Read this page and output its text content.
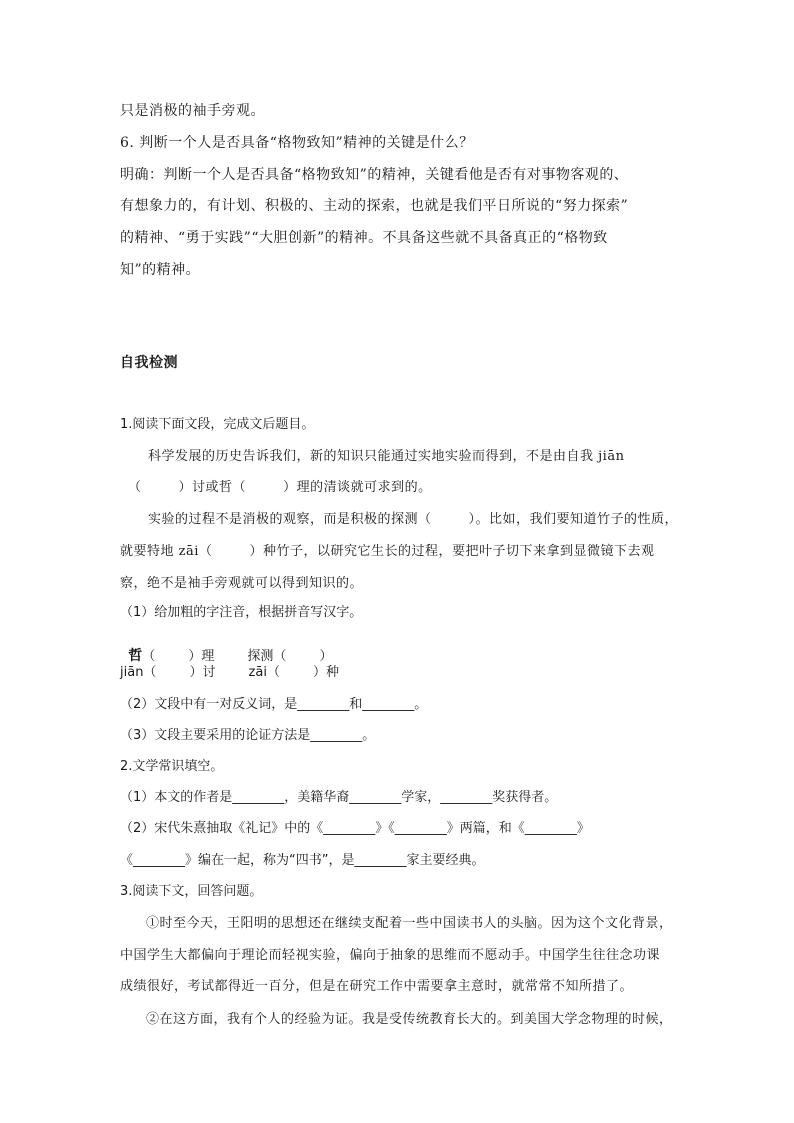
只是消极的袖手旁观。
6. 判断一个人是否具备“格物致知”精神的关键是什么？
明确：判断一个人是否具备“格物致知”的精神，关键看他是否有对事物客观的、
有想象力的，有计划、积极的、主动的探索，也就是我们平日所说的“努力探索”
的精神、“勇于实践”“大胆创新”的精神。不具备这些就不具备真正的“格物致
知”的精神。
自我检测
1.阅读下面文段，完成文后题目。
科学发展的历史告诉我们，新的知识只能通过实地实验而得到，不是由自我 jiān
（        ）讨或哲（        ）理的清谈就可求到的。
实验的过程不是消极的观察，而是积极的探测（        ）。比如，我们要知道竹子的性质，
就要特地 zāi（        ）种竹子，以研究它生长的过程，要把叶子切下来拿到显微镜下去观
察，绝不是袖手旁观就可以得到知识的。
（1）给加粗的字注音，根据拼音写汉字。

哲（        ）理        探测（        ）

jiān（        ）讨        zāi（        ）种
（2）文段中有一对反义词，是________和________。
（3）文段主要采用的论证方法是________。
2.文学常识填空。
（1）本文的作者是________，美籍华裔________学家，________奖获得者。
（2）宋代朱熹抽取《礼记》中的《________》《________》两篇，和《________》
《________》编在一起，称为“四书”，是________家主要经典。
3.阅读下文，回答问题。
①时至今天，王阳明的思想还在继续支配着一些中国读书人的头脑。因为这个文化背景，
中国学生大都偏向于理论而轻视实验，偏向于抽象的思维而不愿动手。中国学生往往念功课
成绩很好，考试都得近一百分，但是在研究工作中需要拿主意时，就常常不知所措了。
②在这方面，我有个人的经验为证。我是受传统教育长大的。到美国大学念物理的时候，
